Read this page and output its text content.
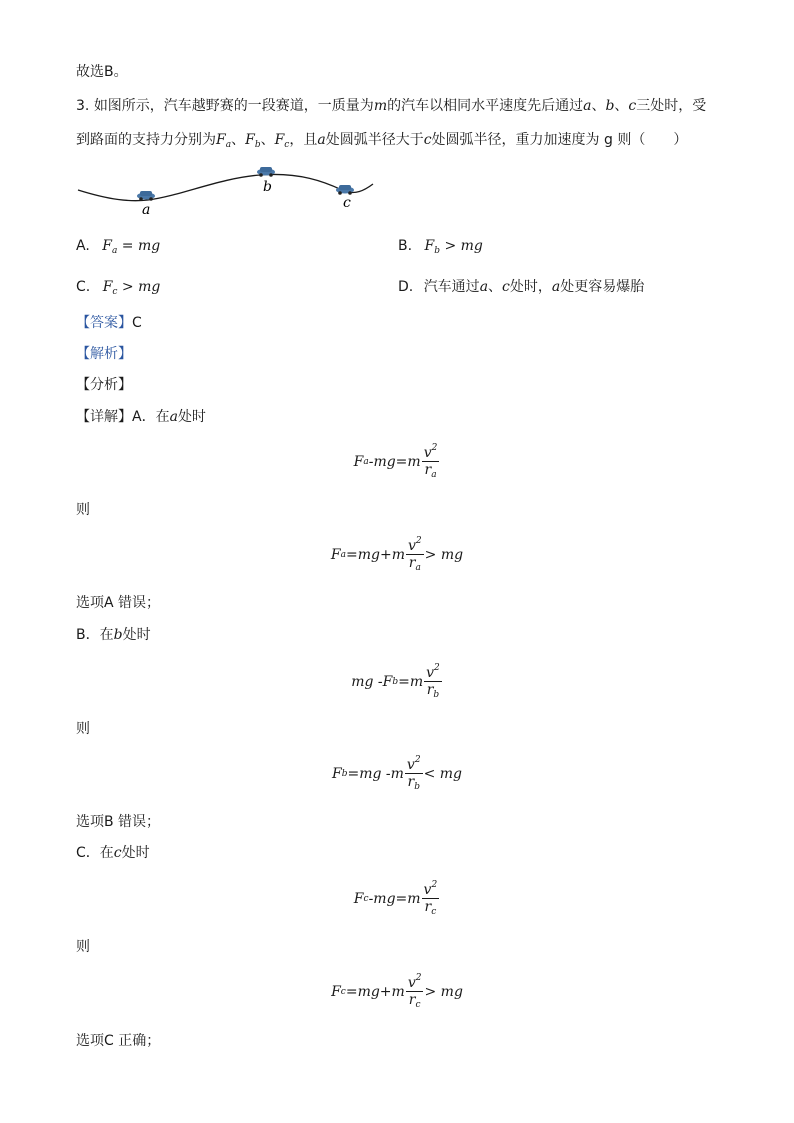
故选B。
3. 如图所示，汽车越野赛的一段赛道，一质量为m的汽车以相同水平速度先后通过a、b、c三处时，受
到路面的支持力分别为$F_a$、$F_b$、$F_c$，且a处圆弧半径大于c处圆弧半径，重力加速度为 g 则（　　）
a
b
c
A. $F_a$ = mg	B. $F_b$ > mg
C. $F_c$ > mg	D. 汽车通过a、c处时，a处更容易爆胎
【答案】C
【解析】
【分析】
【详解】A．在a处时
F a $-mg=m \frac{v^2}{r_a}$
则
F $a =mg+m \frac{v^2}{r_a}$ > mg
选项A 错误；
B．在b处时
mg -F $b =m \frac{v^2}{r_b}$
则
F b =mg $-m \frac{v^2}{r_b}$ < mg
选项B 错误；
C．在c处时
F c $-mg=m \frac{v^2}{r_c}$
则
F $c =mg+m \frac{v^2}{r_c}$ > mg
选项C 正确；
